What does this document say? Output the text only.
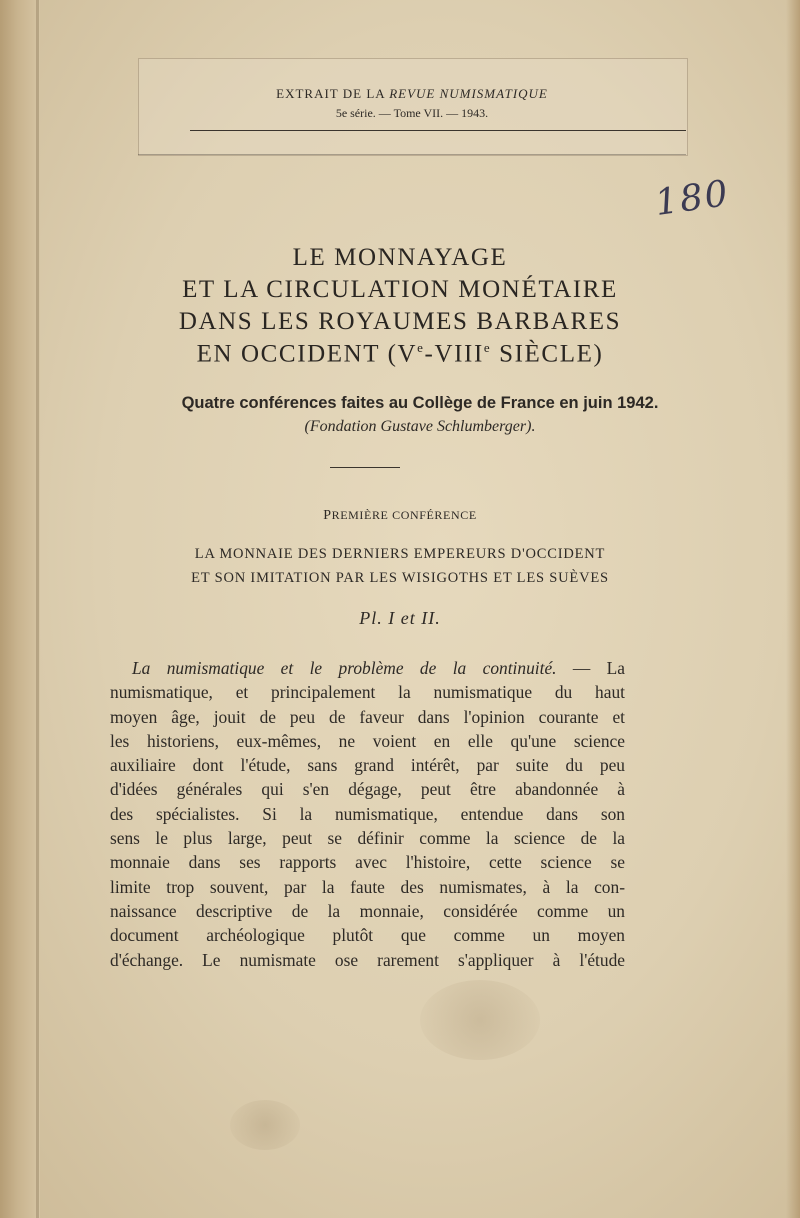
EXTRAIT DE LA REVUE NUMISMATIQUE
5e série. — Tome VII. — 1943.
180
LE MONNAYAGE
ET LA CIRCULATION MONÉTAIRE
DANS LES ROYAUMES BARBARES
EN OCCIDENT (Ve-VIIIe SIÈCLE)
Quatre conférences faites au Collège de France en juin 1942.
(Fondation Gustave Schlumberger).
PREMIÈRE CONFÉRENCE
LA MONNAIE DES DERNIERS EMPEREURS D'OCCIDENT
ET SON IMITATION PAR LES WISIGOTHS ET LES SUÈVES
Pl. I et II.
La numismatique et le problème de la continuité. — La
numismatique, et principalement la numismatique du haut
moyen âge, jouit de peu de faveur dans l'opinion courante et
les historiens, eux-mêmes, ne voient en elle qu'une science
auxiliaire dont l'étude, sans grand intérêt, par suite du peu
d'idées générales qui s'en dégage, peut être abandonnée à
des spécialistes. Si la numismatique, entendue dans son
sens le plus large, peut se définir comme la science de la
monnaie dans ses rapports avec l'histoire, cette science se
limite trop souvent, par la faute des numismates, à la con-
naissance descriptive de la monnaie, considérée comme un
document archéologique plutôt que comme un moyen
d'échange. Le numismate ose rarement s'appliquer à l'étude
